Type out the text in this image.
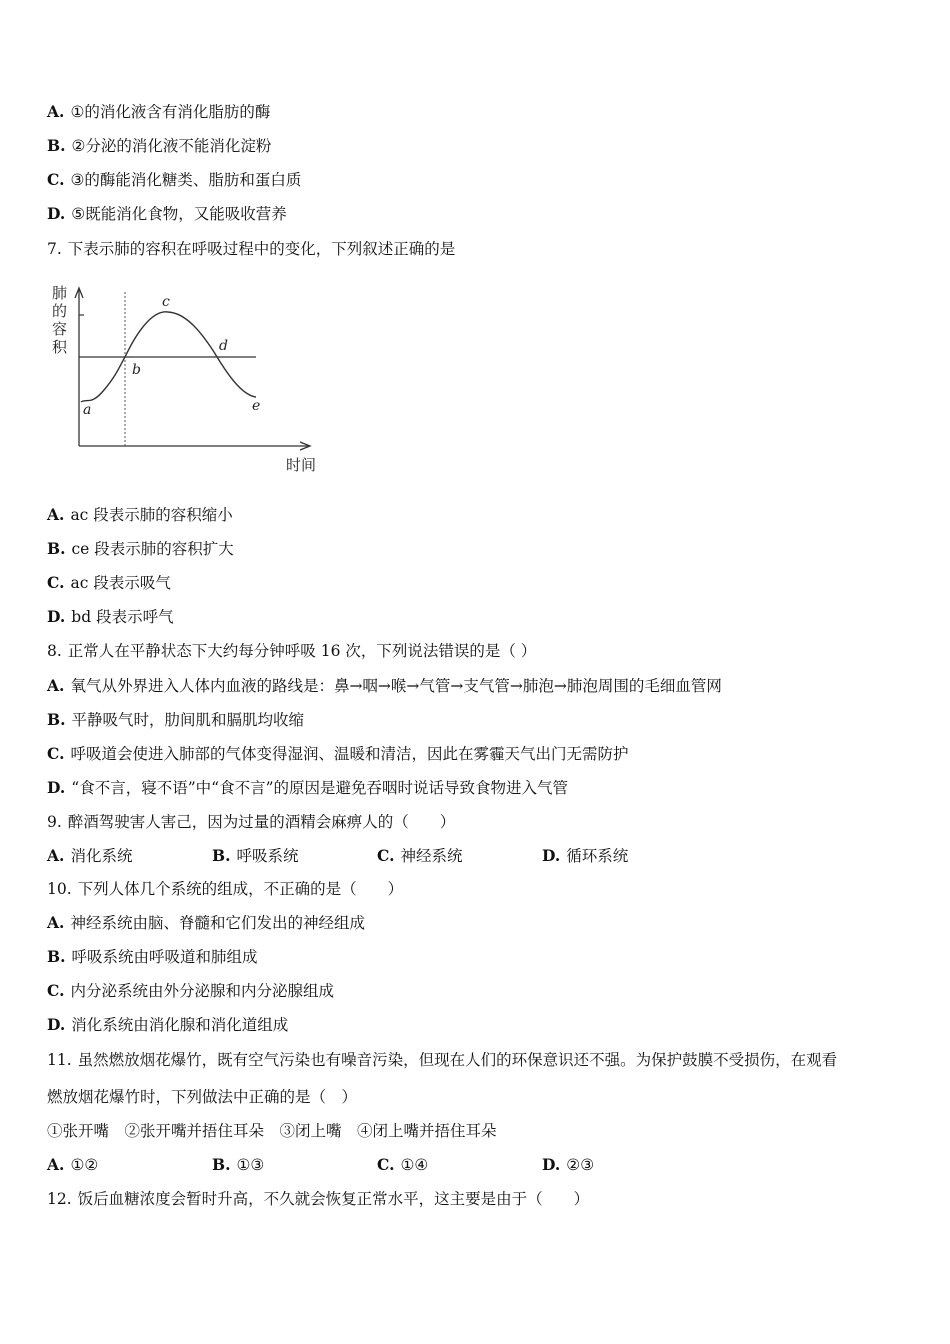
A. ①的消化液含有消化脂肪的酶
B. ②分泌的消化液不能消化淀粉
C. ③的酶能消化糖类、脂肪和蛋白质
D. ⑤既能消化食物，又能吸收营养
7. 下表示肺的容积在呼吸过程中的变化，下列叙述正确的是
肺
的
容
积
a
b
c
d
e
时间
A. ac 段表示肺的容积缩小
B. ce 段表示肺的容积扩大
C. ac 段表示吸气
D. bd 段表示呼气
8. 正常人在平静状态下大约每分钟呼吸 16 次，下列说法错误的是（ ）
A. 氧气从外界进入人体内血液的路线是：鼻→咽→喉→气管→支气管→肺泡→肺泡周围的毛细血管网
B. 平静吸气时，肋间肌和膈肌均收缩
C. 呼吸道会使进入肺部的气体变得湿润、温暖和清洁，因此在雾霾天气出门无需防护
D. “食不言，寝不语”中“食不言”的原因是避免吞咽时说话导致食物进入气管
9. 醉酒驾驶害人害己，因为过量的酒精会麻痹人的（　　）
A. 消化系统	B. 呼吸系统	C. 神经系统	D. 循环系统
10. 下列人体几个系统的组成，不正确的是（　　）
A. 神经系统由脑、脊髓和它们发出的神经组成
B. 呼吸系统由呼吸道和肺组成
C. 内分泌系统由外分泌腺和内分泌腺组成
D. 消化系统由消化腺和消化道组成
11. 虽然燃放烟花爆竹，既有空气污染也有噪音污染，但现在人们的环保意识还不强。为保护鼓膜不受损伤，在观看
燃放烟花爆竹时，下列做法中正确的是（　）
①张开嘴　②张开嘴并捂住耳朵　③闭上嘴　④闭上嘴并捂住耳朵
A. ①②	B. ①③	C. ①④	D. ②③
12. 饭后血糖浓度会暂时升高，不久就会恢复正常水平，这主要是由于（　　）
